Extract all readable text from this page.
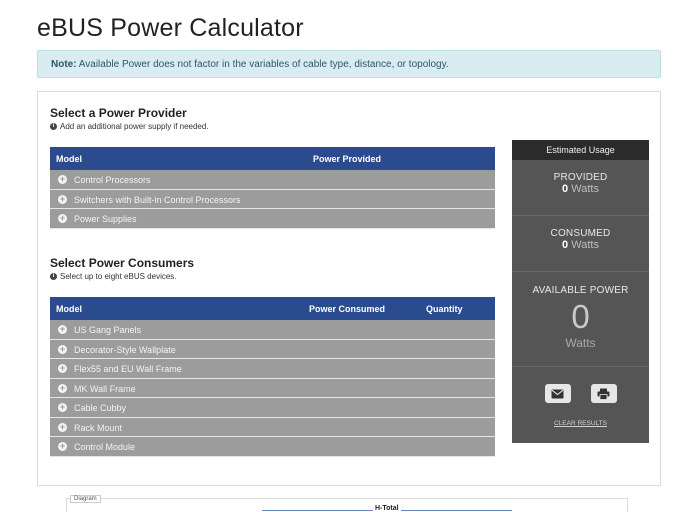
eBUS Power Calculator
Note: Available Power does not factor in the variables of cable type, distance, or topology.
Select a Power Provider
i Add an additional power supply if needed.
Model	Power Provided
+ Control Processors
+ Switchers with Built-in Control Processors
+ Power Supplies
Select Power Consumers
i Select up to eight eBUS devices.
Model	Power Consumed	Quantity
+ US Gang Panels
+ Decorator-Style Wallplate
+ Flex55 and EU Wall Frame
+ MK Wall Frame
+ Cable Cubby
+ Rack Mount
+ Control Module
Estimated Usage
PROVIDED
0 Watts
CONSUMED
0 Watts
AVAILABLE POWER
0
Watts
CLEAR RESULTS
Diagram
H-Total
